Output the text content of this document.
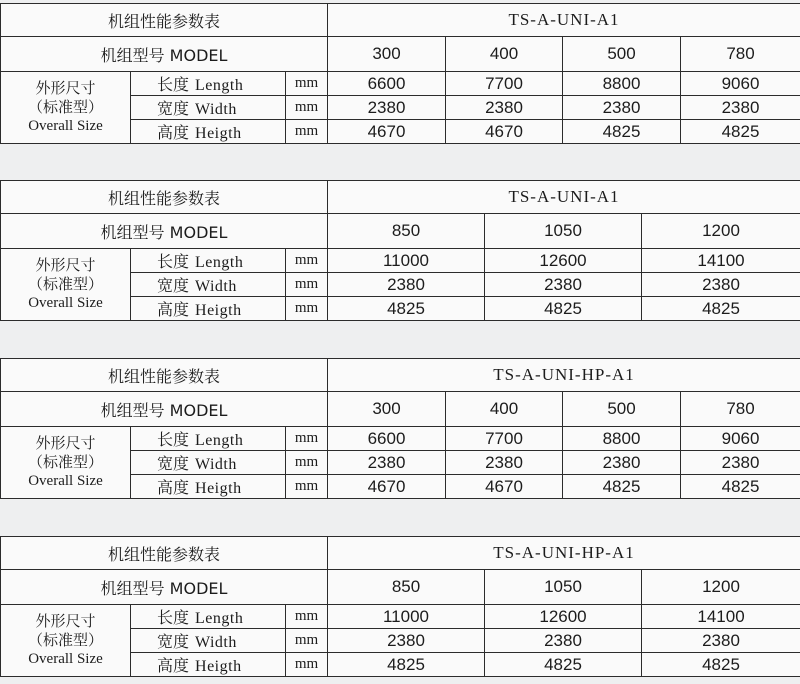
机组性能参数表			TS-A-UNI-A1			
机组型号 MODEL			300	400	500	780

外形尺寸
（标准型）
Overall Size	长度 Length	mm	6600	7700	8800	9060
	宽度 Width	mm	2380	2380	2380	2380
	高度 Heigth	mm	4670	4670	4825	4825
机组性能参数表			TS-A-UNI-A1		
机组型号 MODEL			850	1050	1200

外形尺寸
（标准型）
Overall Size	长度 Length	mm	11000	12600	14100
	宽度 Width	mm	2380	2380	2380
	高度 Heigth	mm	4825	4825	4825
机组性能参数表			TS-A-UNI-HP-A1			
机组型号 MODEL			300	400	500	780

外形尺寸
（标准型）
Overall Size	长度 Length	mm	6600	7700	8800	9060
	宽度 Width	mm	2380	2380	2380	2380
	高度 Heigth	mm	4670	4670	4825	4825
机组性能参数表			TS-A-UNI-HP-A1		
机组型号 MODEL			850	1050	1200

外形尺寸
（标准型）
Overall Size	长度 Length	mm	11000	12600	14100
	宽度 Width	mm	2380	2380	2380
	高度 Heigth	mm	4825	4825	4825
